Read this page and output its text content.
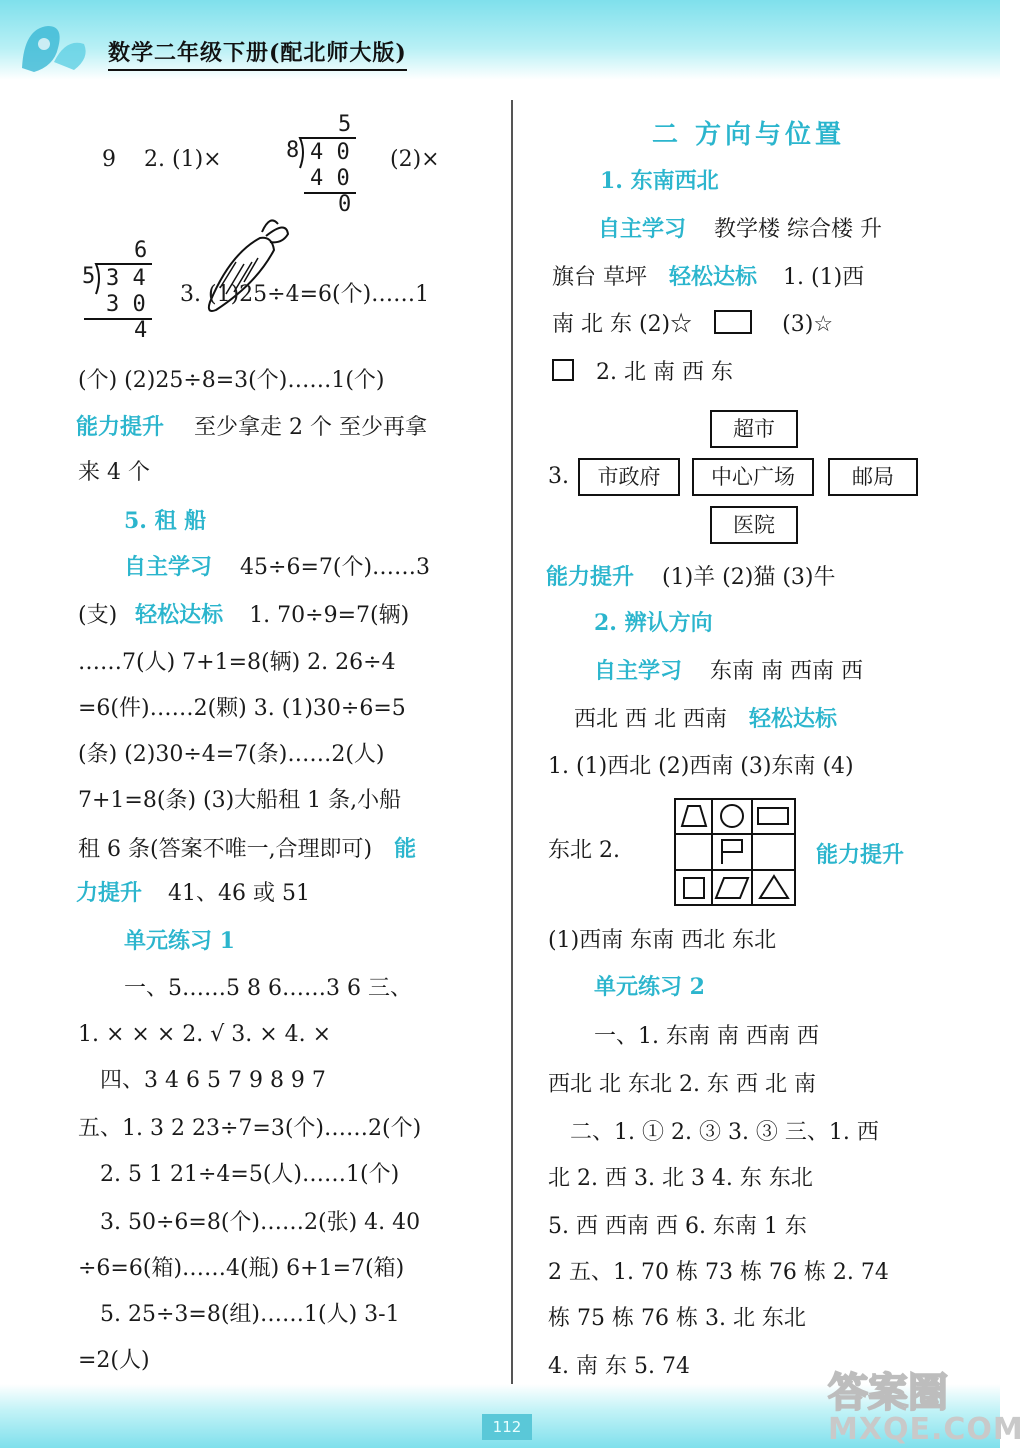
数学二年级下册(配北师大版)
9 2. (1)×
5
8 4 0
4 0
0
(2)×
6
5 3 4
3 0
4
3. (1)25÷4=6(个)……1
(个) (2)25÷8=3(个)……1(个)
能力提升 至少拿走 2 个 至少再拿
来 4 个
5. 租 船
自主学习 45÷6=7(个)……3
(支) 轻松达标 1. 70÷9=7(辆)
……7(人) 7+1=8(辆) 2. 26÷4
=6(件)……2(颗) 3. (1)30÷6=5
(条) (2)30÷4=7(条)……2(人)
7+1=8(条) (3)大船租 1 条,小船
租 6 条(答案不唯一,合理即可) 能
力提升 41、46 或 51
单元练习 1
一、5……5 8 6……3 6 三、
1. × × × 2. √ 3. × 4. ×
四、3 4 6 5 7 9 8 9 7
五、1. 3 2 23÷7=3(个)……2(个)
2. 5 1 21÷4=5(人)……1(个)
3. 50÷6=8(个)……2(张) 4. 40
÷6=6(箱)……4(瓶) 6+1=7(箱)
5. 25÷3=8(组)……1(人) 3-1
=2(人)
二 方向与位置
1. 东南西北
自主学习 教学楼 综合楼 升
旗台 草坪 轻松达标 1. (1)西
南 北 东 (2)☆	(3)☆
2. 北 南 西 东
超市
3.	市政府	中心广场	邮局
医院
能力提升 (1)羊 (2)猫 (3)牛
2. 辨认方向
自主学习 东南 南 西南 西
西北 西 北 西南 轻松达标
1. (1)西北 (2)西南 (3)东南 (4)
东北 2.	能力提升
(1)西南 东南 西北 东北
单元练习 2
一、1. 东南 南 西南 西
西北 北 东北 2. 东 西 北 南
二、1. ① 2. ③ 3. ③ 三、1. 西
北 2. 西 3. 北 3 4. 东 东北
5. 西 西南 西 6. 东南 1 东
2 五、1. 70 栋 73 栋 76 栋 2. 74
栋 75 栋 76 栋 3. 北 东北
4. 南 东 5. 74
112
答案圈
MXQE.COM
